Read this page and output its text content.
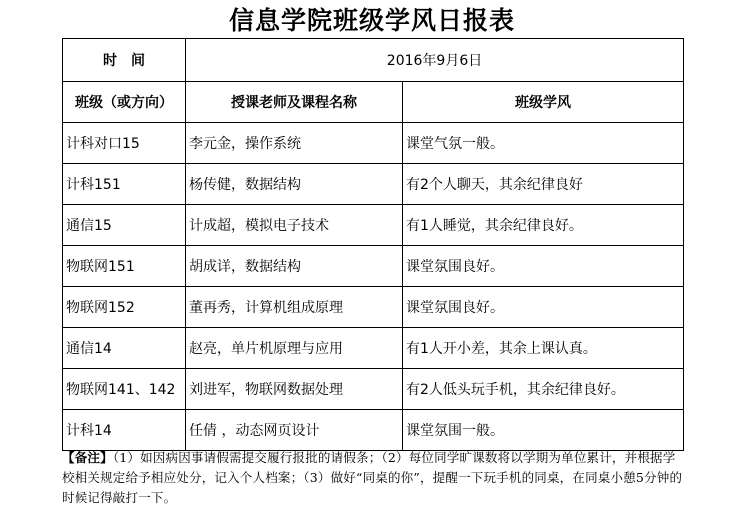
信息学院班级学风日报表
时　间	2016年9月6日	
班级（或方向）	授课老师及课程名称	班级学风
计科对口15	李元金，操作系统	课堂气氛一般。
计科151	杨传健，数据结构	有2个人聊天，其余纪律良好
通信15	计成超，模拟电子技术	有1人睡觉，其余纪律良好。
物联网151	胡成详，数据结构	课堂氛围良好。
物联网152	董再秀，计算机组成原理	课堂氛围良好。
通信14	赵亮，单片机原理与应用	有1人开小差，其余上课认真。
物联网141、142	刘进军，物联网数据处理	有2人低头玩手机，其余纪律良好。
计科14	任倩 ，动态网页设计	课堂氛围一般。
【备注】（1）如因病因事请假需提交履行报批的请假条；（2）每位同学旷课数将以学期为单位累计，并根据学校相关规定给予相应处分，记入个人档案；（3）做好“同桌的你”，提醒一下玩手机的同桌，在同桌小憩5分钟的时候记得敲打一下。
